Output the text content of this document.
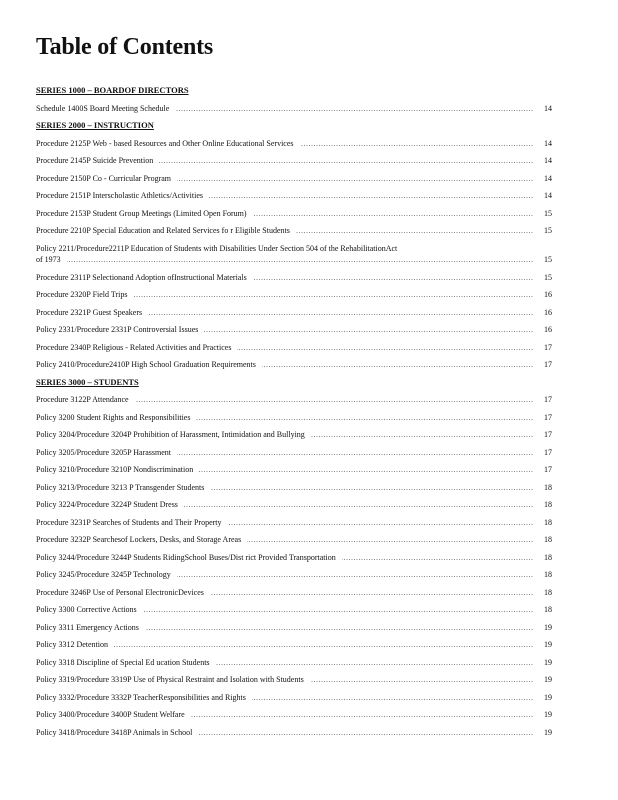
Table of Contents
SERIES 1000 – BOARDOF DIRECTORS
.....
Schedule 1400S Board Meeting Schedule	14
SERIES 2000 – INSTRUCTION
.....
Procedure 2125P Web - based Resources and Other Online Educational Services	14
.....
Procedure 2145P Suicide Prevention	14
.....
Procedure 2150P Co - Curricular Program	14
.....
Procedure 2151P Interscholastic Athletics/Activities	14
.....
Procedure 2153P Student Group Meetings (Limited Open Forum)	15
.....
Procedure 2210P Special Education and Related Services fo r Eligible Students	15
Policy 2211/Procedure2211P Education of Students with Disabilities Under Section 504 of the RehabilitationAct
.....
of 1973	15
.....
Procedure 2311P Selectionand Adoption ofInstructional Materials	15
.....
Procedure 2320P Field Trips	16
.....
Procedure 2321P Guest Speakers	16
.....
Policy 2331/Procedure 2331P Controversial Issues	16
.....
Procedure 2340P Religious - Related Activities and Practices	17
.....
Policy 2410/Procedure2410P High School Graduation Requirements	17
SERIES 3000 – STUDENTS
.....
Procedure 3122P Attendance	17
.....
Policy 3200 Student Rights and Responsibilities	17
.....
Policy 3204/Procedure 3204P Prohibition of Harassment, Intimidation and Bullying	17
.....
Policy 3205/Procedure 3205P Harassment	17
.....
Policy 3210/Procedure 3210P Nondiscrimination	17
.....
Policy 3213/Procedure 3213 P Transgender Students	18
.....
Policy 3224/Procedure 3224P Student Dress	18
.....
Procedure 3231P Searches of Students and Their Property	18
.....
Procedure 3232P Searchesof Lockers, Desks, and Storage Areas	18
.....
Policy 3244/Procedure 3244P Students RidingSchool Buses/Dist rict Provided Transportation	18
.....
Policy 3245/Procedure 3245P Technology	18
.....
Procedure 3246P Use of Personal ElectronicDevices	18
.....
Policy 3300 Corrective Actions	18
.....
Policy 3311 Emergency Actions	19
.....
Policy 3312 Detention	19
.....
Policy 3318 Discipline of Special Ed ucation Students	19
.....
Policy 3319/Procedure 3319P Use of Physical Restraint and Isolation with Students	19
.....
Policy 3332/Procedure 3332P TeacherResponsibilities and Rights	19
.....
Policy 3400/Procedure 3400P Student Welfare	19
.....
Policy 3418/Procedure 3418P Animals in School	19
